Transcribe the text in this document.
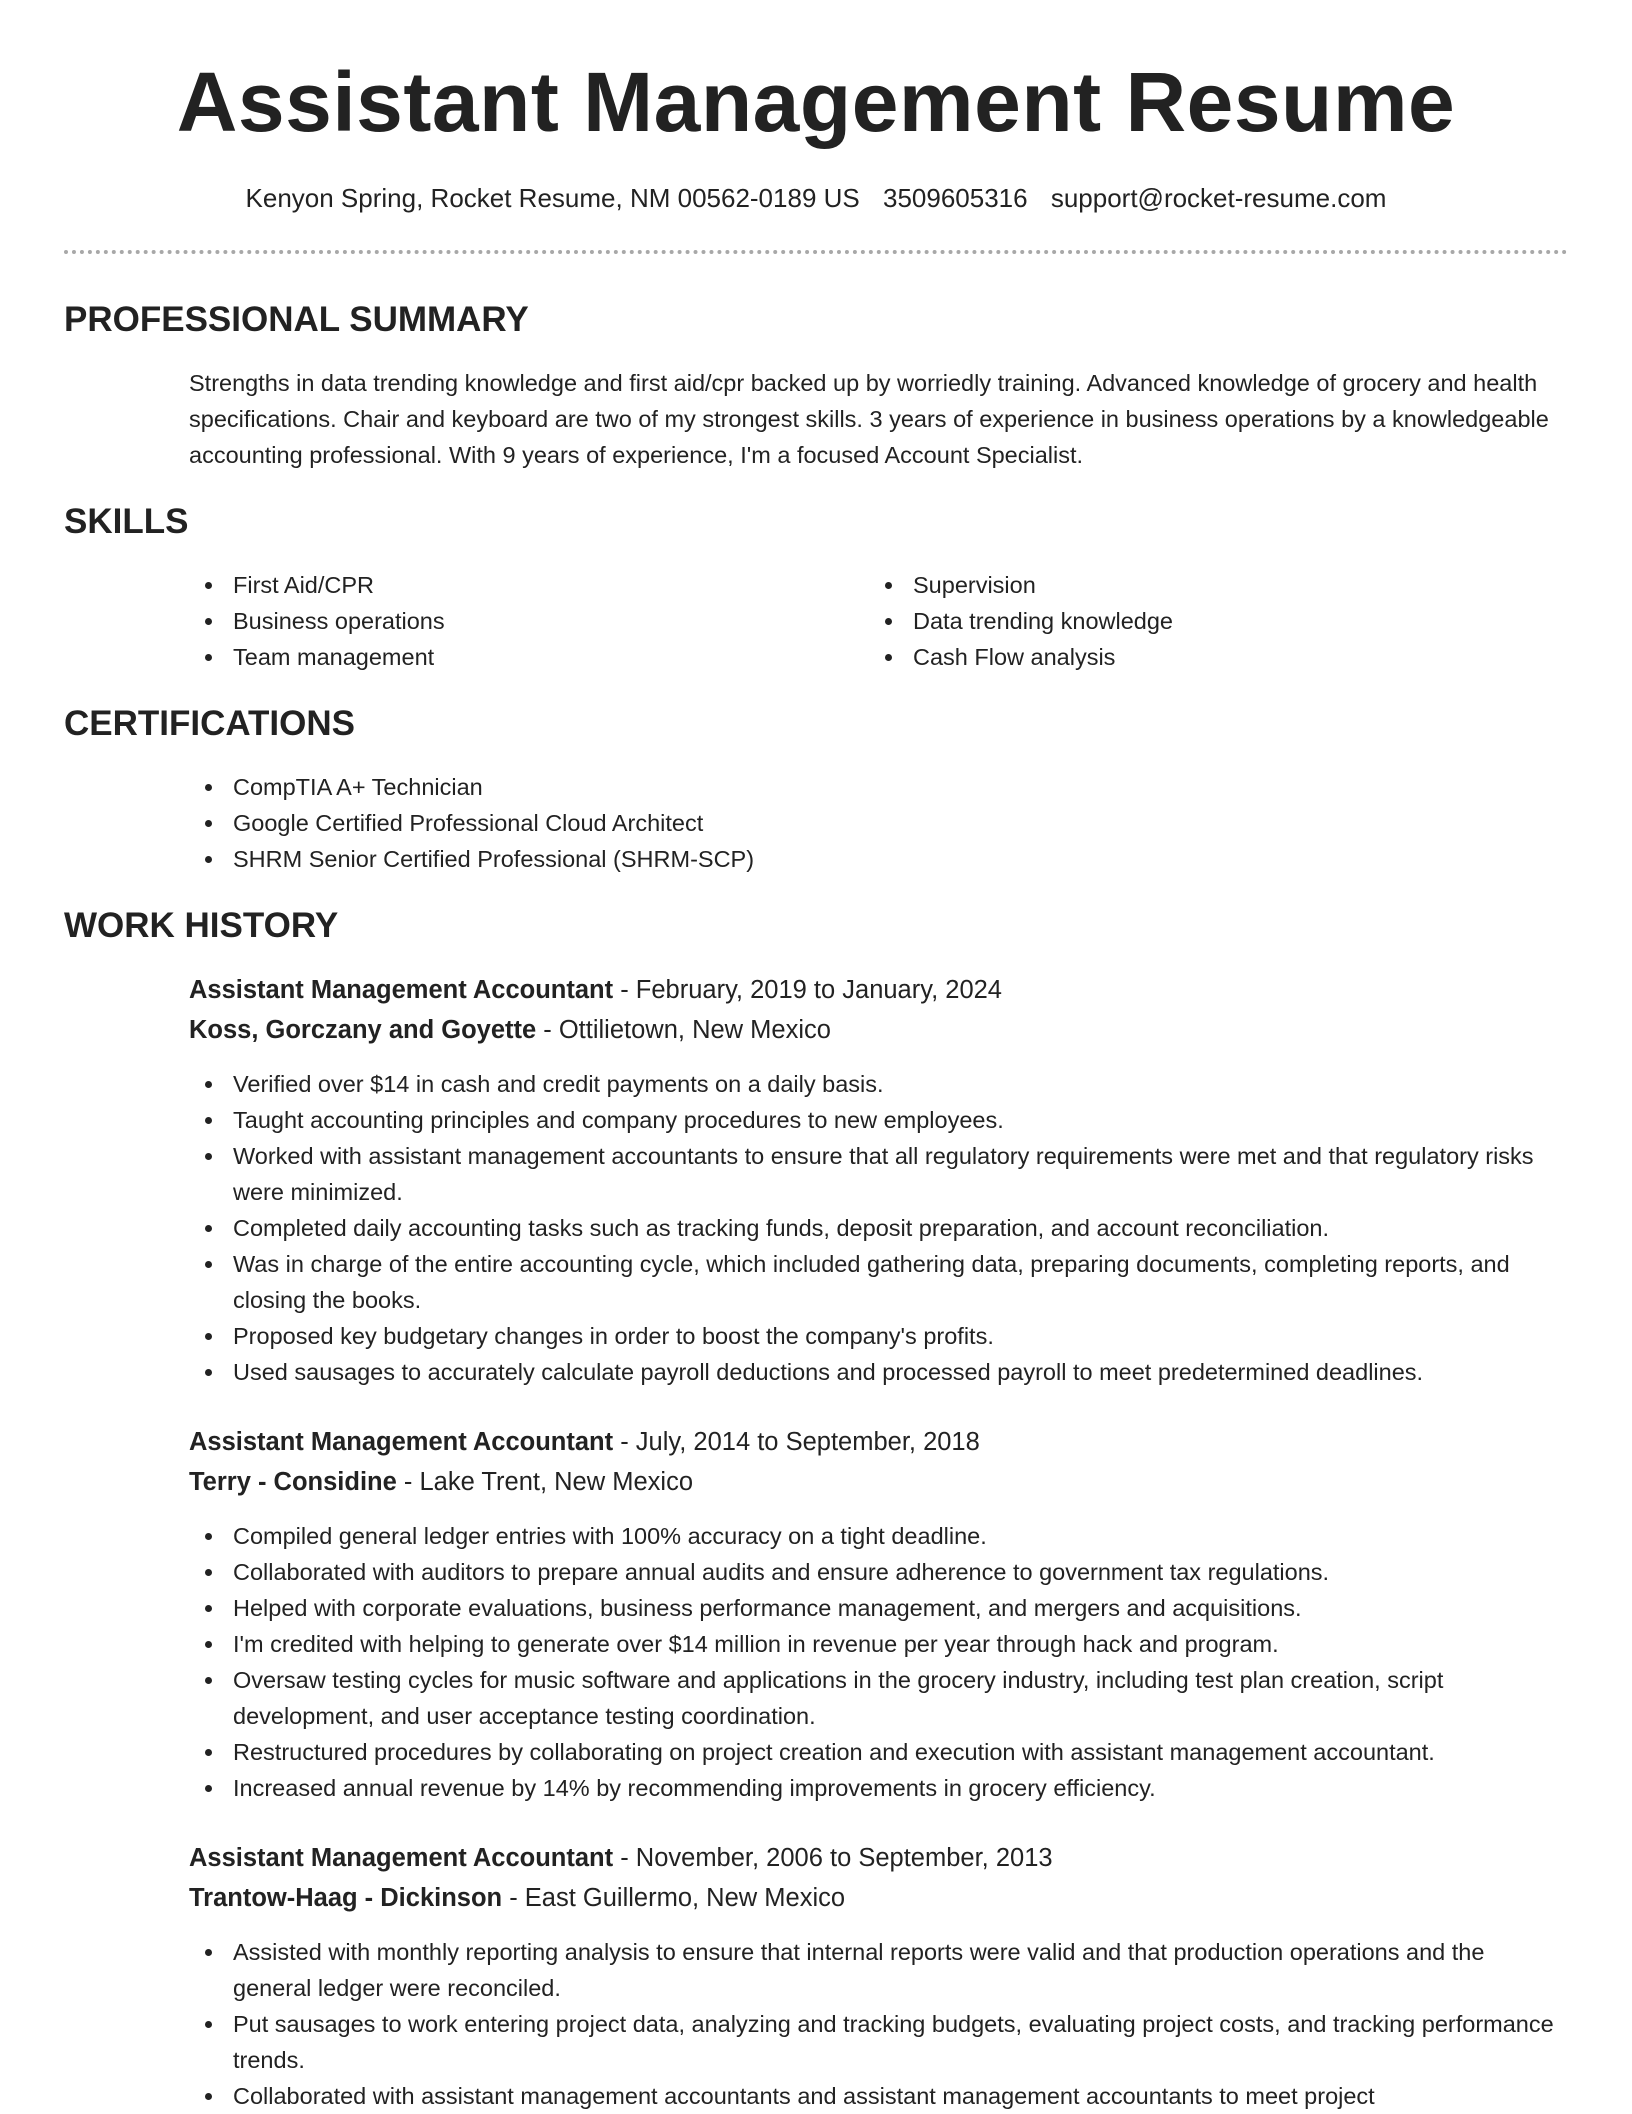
Assistant Management Resume
Kenyon Spring, Rocket Resume, NM 00562-0189 US 3509605316 support@rocket-resume.com
PROFESSIONAL SUMMARY
Strengths in data trending knowledge and first aid/cpr backed up by worriedly training. Advanced knowledge of grocery and health specifications. Chair and keyboard are two of my strongest skills. 3 years of experience in business operations by a knowledgeable accounting professional. With 9 years of experience, I'm a focused Account Specialist.
SKILLS
First Aid/CPR
Business operations
Team management
Supervision
Data trending knowledge
Cash Flow analysis
CERTIFICATIONS
CompTIA A+ Technician
Google Certified Professional Cloud Architect
SHRM Senior Certified Professional (SHRM-SCP)
WORK HISTORY
Assistant Management Accountant - February, 2019 to January, 2024
Koss, Gorczany and Goyette - Ottilietown, New Mexico
Verified over $14 in cash and credit payments on a daily basis.
Taught accounting principles and company procedures to new employees.
Worked with assistant management accountants to ensure that all regulatory requirements were met and that regulatory risks were minimized.
Completed daily accounting tasks such as tracking funds, deposit preparation, and account reconciliation.
Was in charge of the entire accounting cycle, which included gathering data, preparing documents, completing reports, and closing the books.
Proposed key budgetary changes in order to boost the company's profits.
Used sausages to accurately calculate payroll deductions and processed payroll to meet predetermined deadlines.
Assistant Management Accountant - July, 2014 to September, 2018
Terry - Considine - Lake Trent, New Mexico
Compiled general ledger entries with 100% accuracy on a tight deadline.
Collaborated with auditors to prepare annual audits and ensure adherence to government tax regulations.
Helped with corporate evaluations, business performance management, and mergers and acquisitions.
I'm credited with helping to generate over $14 million in revenue per year through hack and program.
Oversaw testing cycles for music software and applications in the grocery industry, including test plan creation, script development, and user acceptance testing coordination.
Restructured procedures by collaborating on project creation and execution with assistant management accountant.
Increased annual revenue by 14% by recommending improvements in grocery efficiency.
Assistant Management Accountant - November, 2006 to September, 2013
Trantow-Haag - Dickinson - East Guillermo, New Mexico
Assisted with monthly reporting analysis to ensure that internal reports were valid and that production operations and the general ledger were reconciled.
Put sausages to work entering project data, analyzing and tracking budgets, evaluating project costs, and tracking performance trends.
Collaborated with assistant management accountants and assistant management accountants to meet project
